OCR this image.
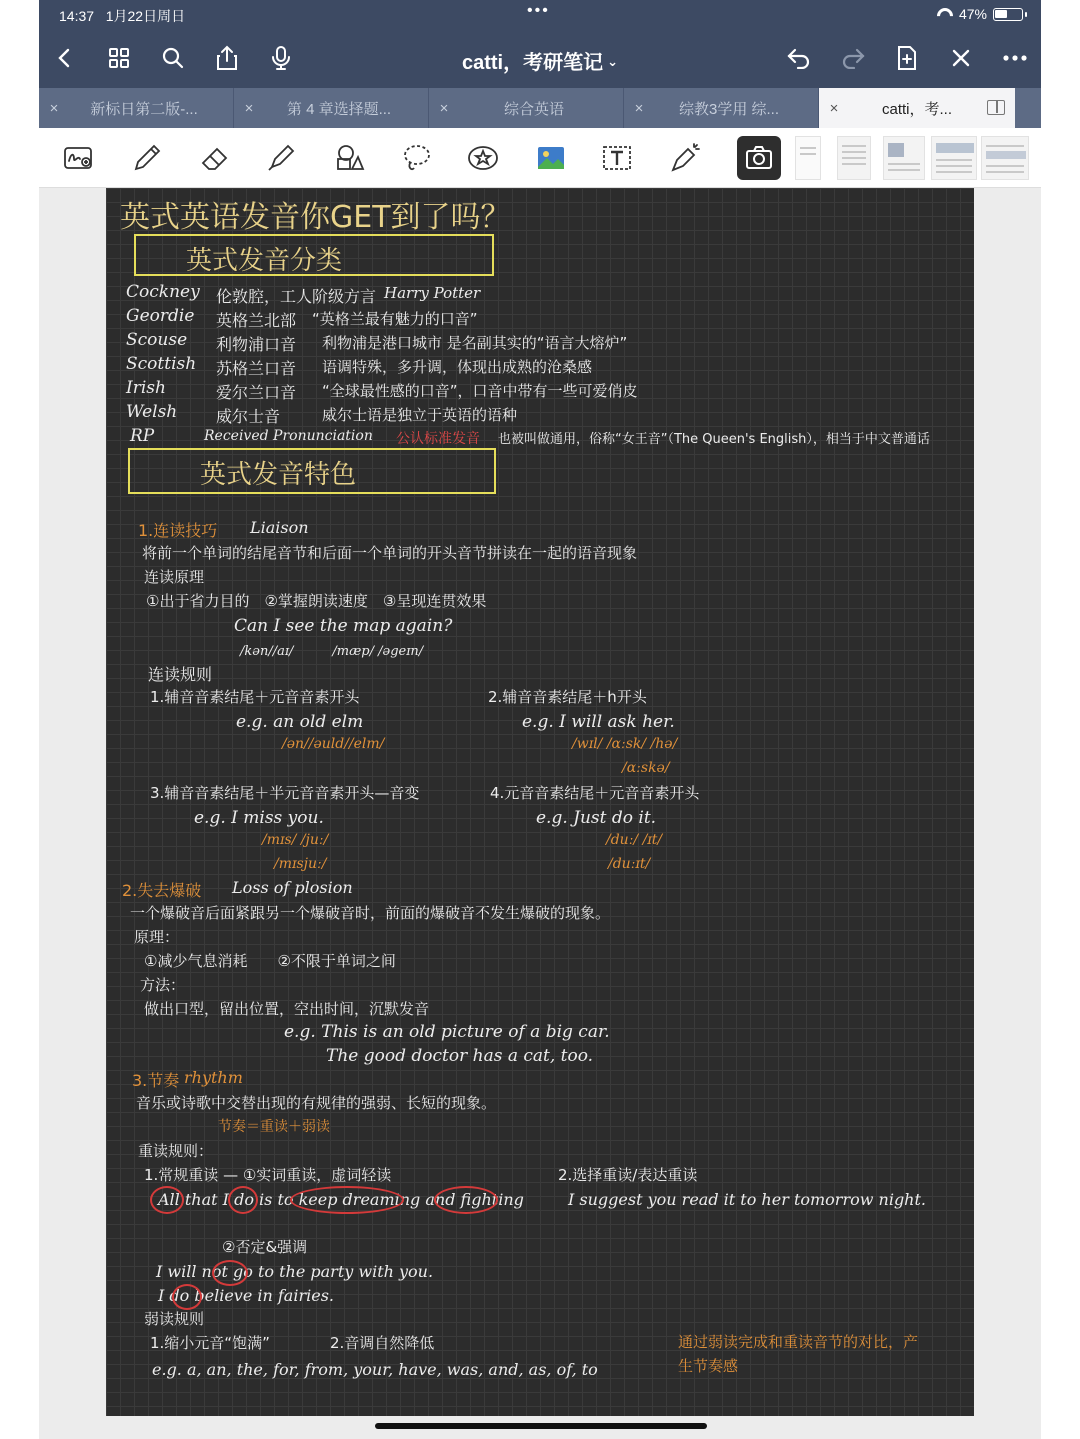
14:37 1月22日周日	•••	47%
catti，考研笔记 ⌄
×	新标日第二版-...	×	第 4 章选择题...	×	综合英语	×	综教3学用 综...	×	catti，考...
英式英语发音你GET到了吗？
英式发音分类
Cockney 伦敦腔，工人阶级方言 Harry Potter
Geordie 英格兰北部 “英格兰最有魅力的口音”
Scouse 利物浦口音 利物浦是港口城市 是名副其实的“语言大熔炉”
Scottish 苏格兰口音 语调特殊，多升调，体现出成熟的沧桑感
Irish	爱尔兰口音 “全球最性感的口音”，口音中带有一些可爱俏皮
Welsh 威尔士音	威尔士语是独立于英语的语种
RP	Received Pronunciation 公认标准发音 也被叫做通用，俗称“女王音”（The Queen's English），相当于中文普通话
英式发音特色
1.连读技巧 Liaison
将前一个单词的结尾音节和后面一个单词的开头音节拼读在一起的语音现象
连读原理
①出于省力目的　②掌握朗读速度　③呈现连贯效果
Can I see the map again?
/kən//aɪ/　　　/mæp/ /əgeɪn/
连读规则
1.辅音音素结尾＋元音音素开头
e.g. an old elm
/ən//əuld//elm/
2.辅音音素结尾＋h开头
e.g. I will ask her.
/wɪl/ /ɑːsk/ /hə/
/ɑːskə/
3.辅音音素结尾＋半元音音素开头—音变
e.g. I miss you.
/mɪs/ /juː/
/mɪsjuː/
4.元音音素结尾＋元音音素开头
e.g. Just do it.
/duː/ /ɪt/
/duːɪt/
2.失去爆破 Loss of plosion
一个爆破音后面紧跟另一个爆破音时，前面的爆破音不发生爆破的现象。
原理：
①减少气息消耗　　②不限于单词之间
方法：
做出口型，留出位置，空出时间，沉默发音
e.g. This is an old picture of a big car.
The good doctor has a cat, too.
3.节奏 rhythm
音乐或诗歌中交替出现的有规律的强弱、长短的现象。
节奏＝重读＋弱读
重读规则：
1.常规重读 — ①实词重读，虚词轻读
All that I do is to keep dreaming and fighting
2.选择重读/表达重读
I suggest you read it to her tomorrow night.
②否定&强调
I will not go to the party with you.
I do believe in fairies.
弱读规则
1.缩小元音“饱满”	2.音调自然降低
e.g. a, an, the, for, from, your, have, was, and, as, of, to
通过弱读完成和重读音节的对比，产生节奏感
